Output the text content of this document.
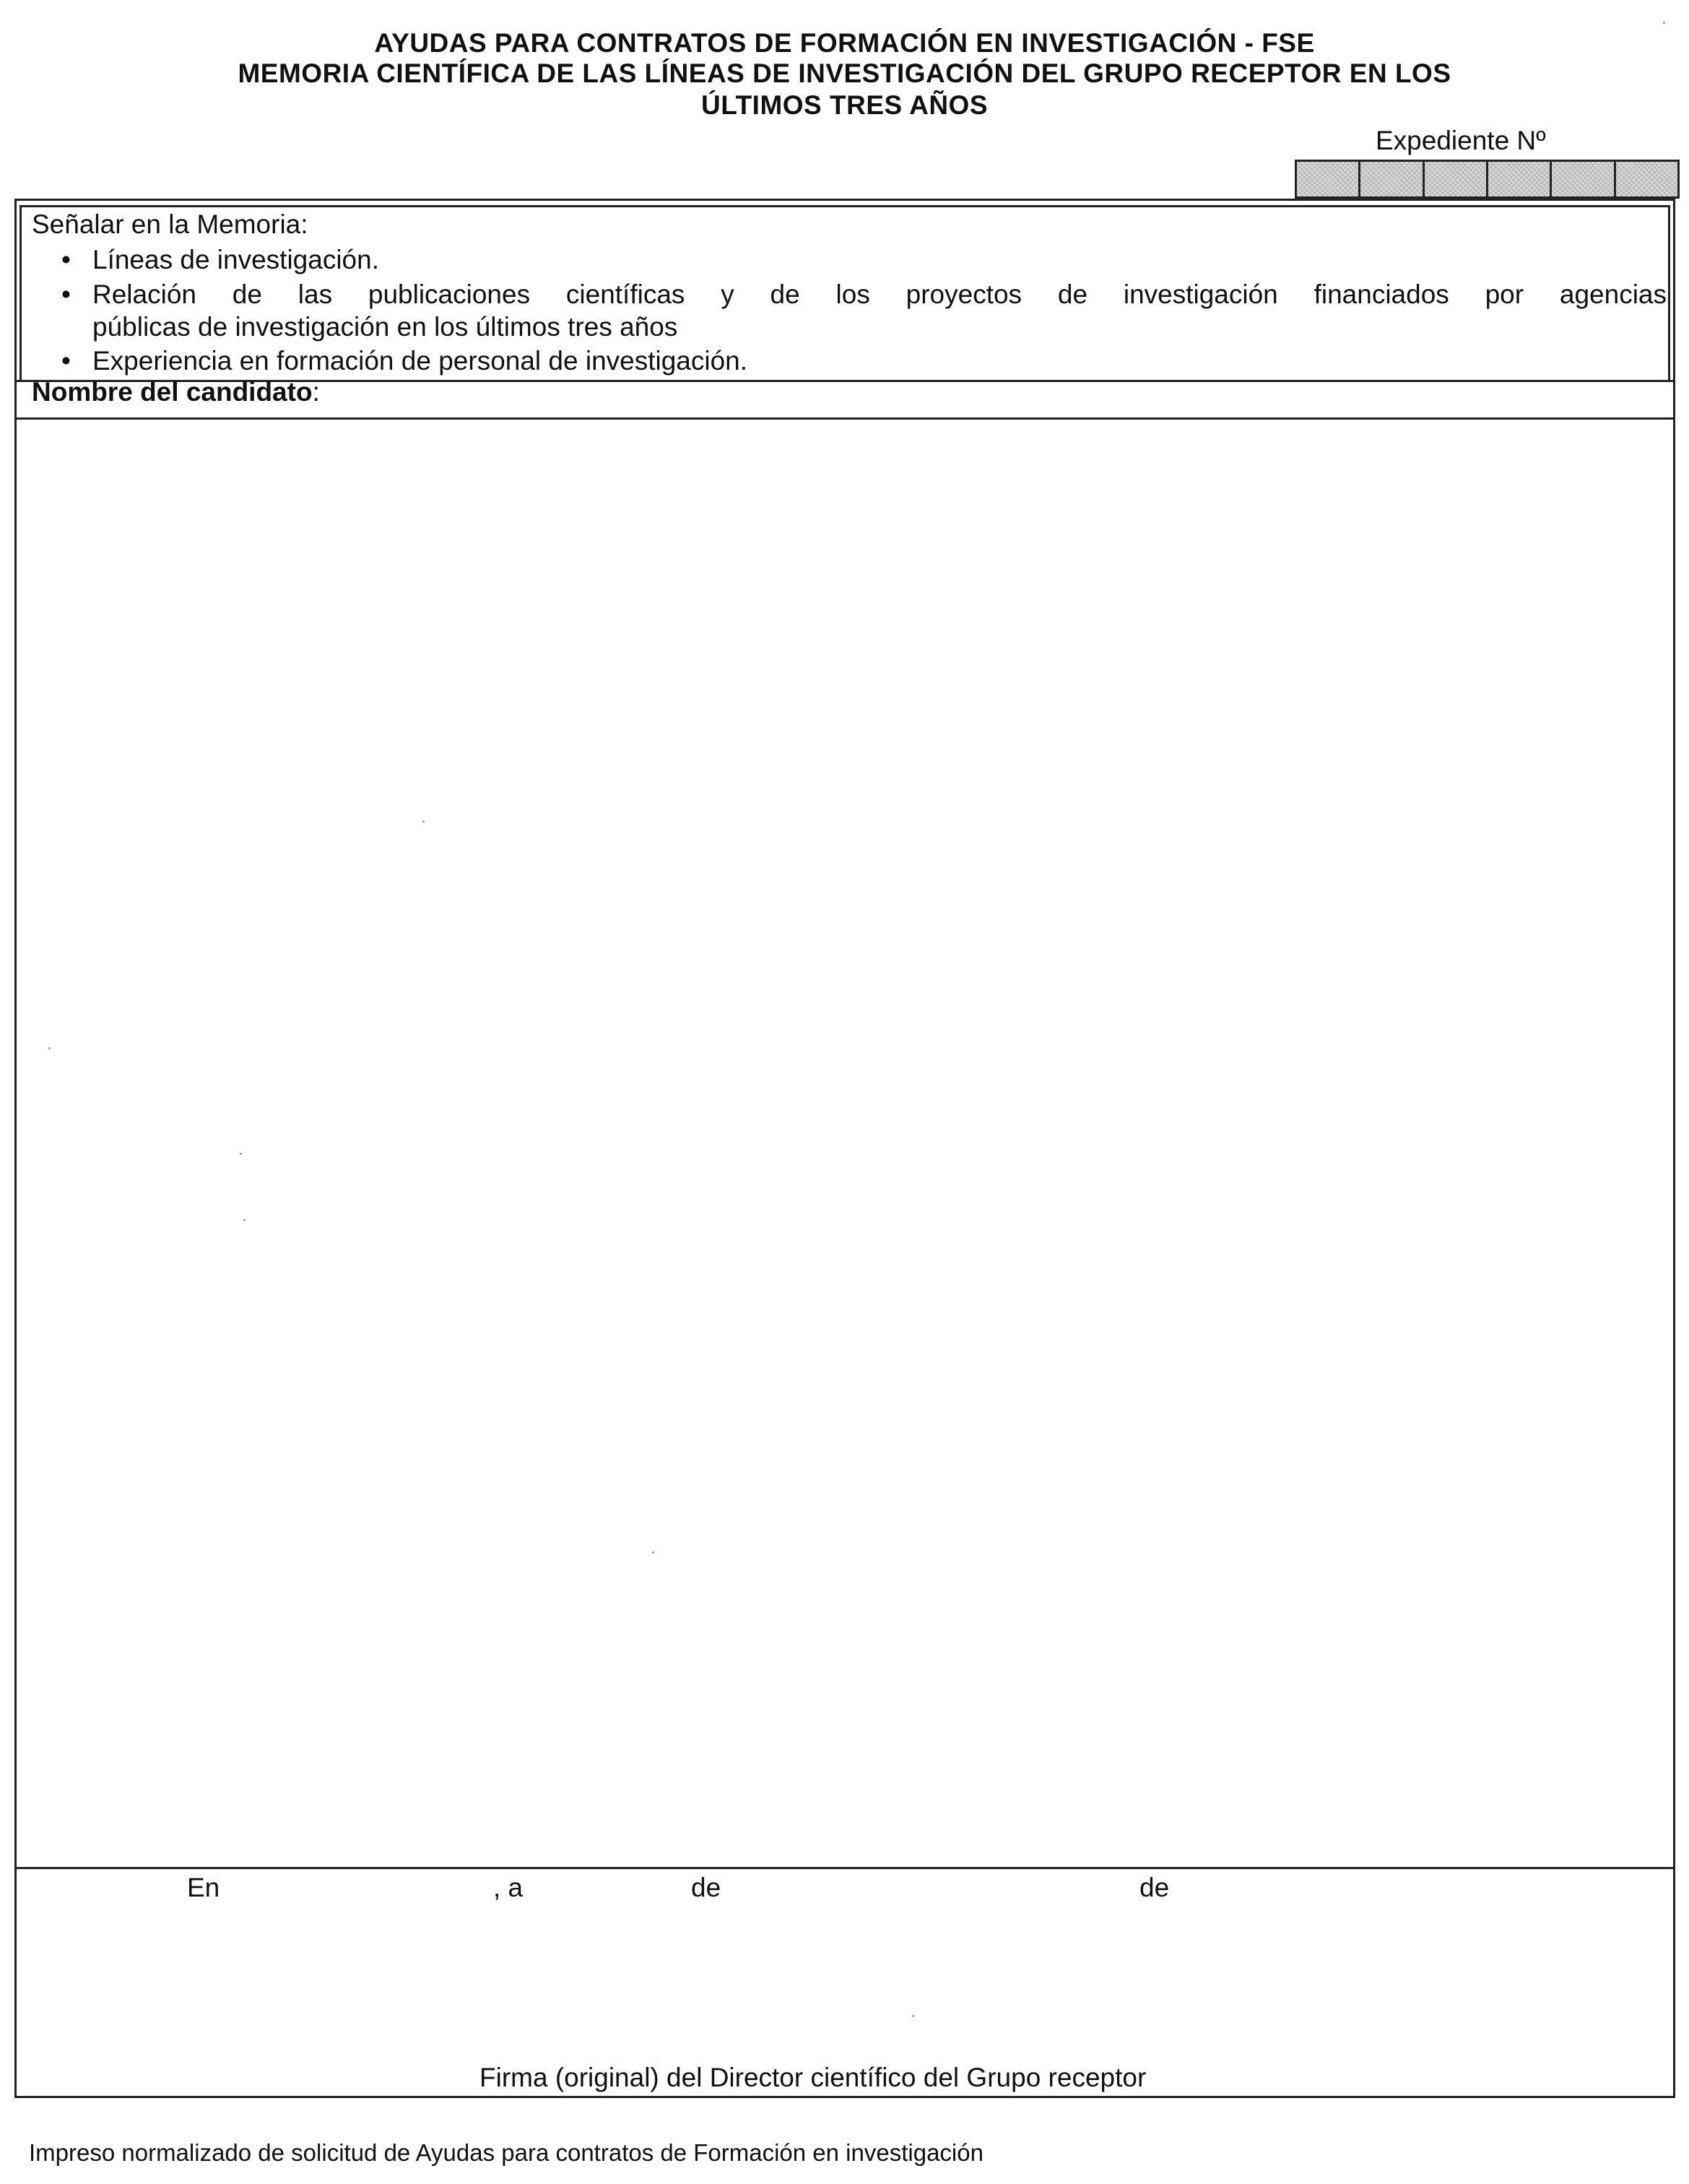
AYUDAS PARA CONTRATOS DE FORMACIÓN EN INVESTIGACIÓN - FSE
MEMORIA CIENTÍFICA DE LAS LÍNEAS DE INVESTIGACIÓN DEL GRUPO RECEPTOR EN LOS
ÚLTIMOS TRES AÑOS
Expediente Nº
Señalar en la Memoria:
• Líneas de investigación.
• Relación de las publicaciones científicas y de los proyectos de investigación financiados por agencias
públicas de investigación en los últimos tres años
• Experiencia en formación de personal de investigación.
Nombre del candidato:
En	, a	de	de
Firma (original) del Director científico del Grupo receptor
Impreso normalizado de solicitud de Ayudas para contratos de Formación en investigación
